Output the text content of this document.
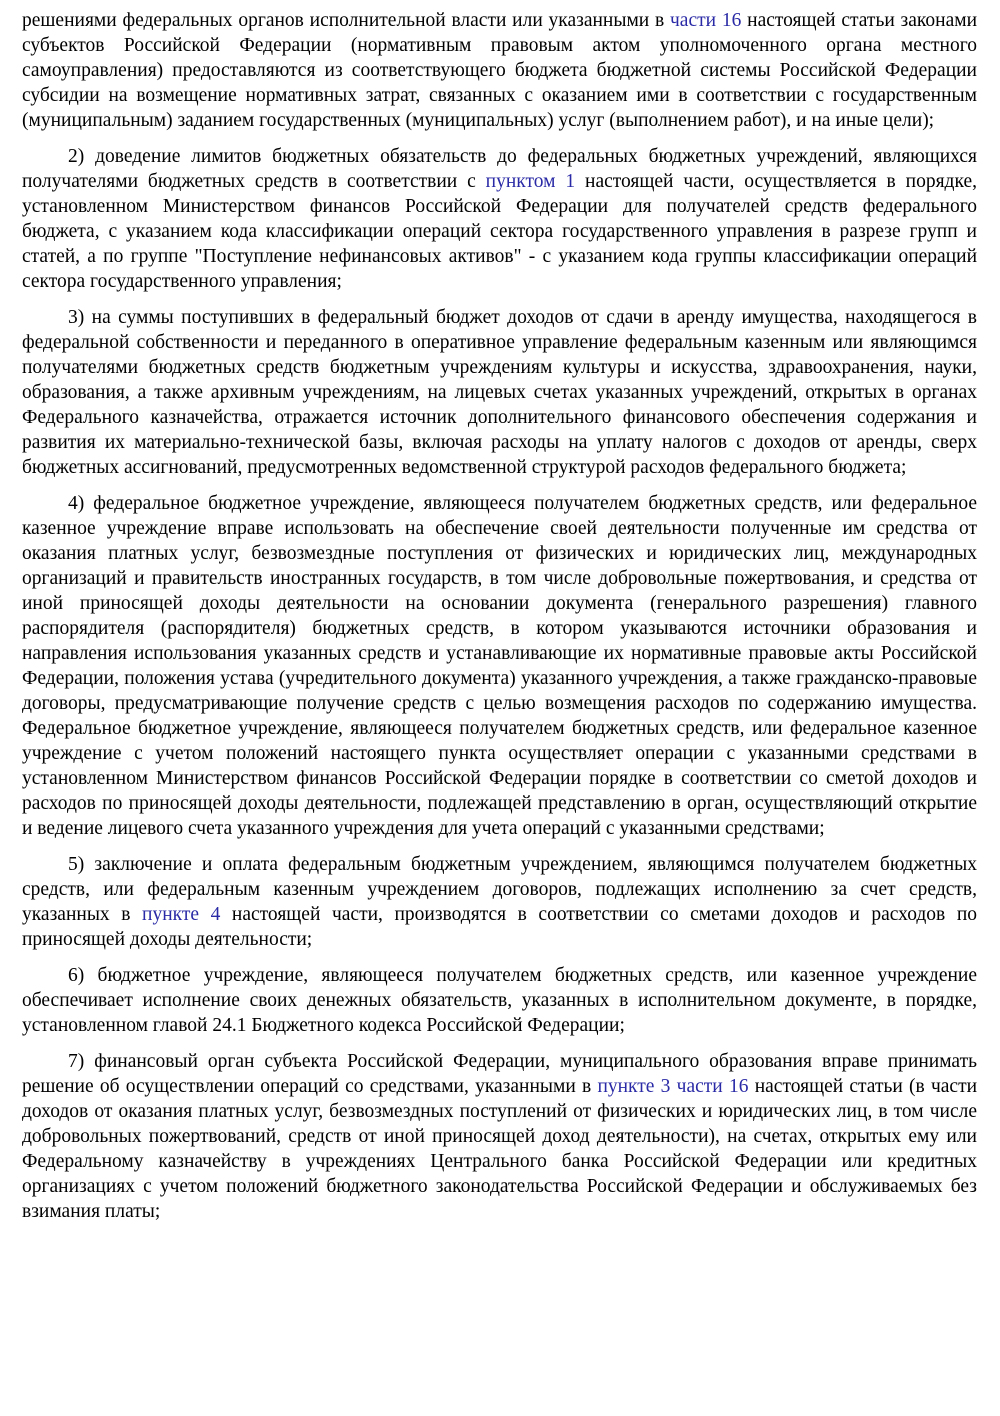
решениями федеральных органов исполнительной власти или указанными в части 16 настоящей статьи законами субъектов Российской Федерации (нормативным правовым актом уполномоченного органа местного самоуправления) предоставляются из соответствующего бюджета бюджетной системы Российской Федерации субсидии на возмещение нормативных затрат, связанных с оказанием ими в соответствии с государственным (муниципальным) заданием государственных (муниципальных) услуг (выполнением работ), и на иные цели);

2) доведение лимитов бюджетных обязательств до федеральных бюджетных учреждений, являющихся получателями бюджетных средств в соответствии с пунктом 1 настоящей части, осуществляется в порядке, установленном Министерством финансов Российской Федерации для получателей средств федерального бюджета, с указанием кода классификации операций сектора государственного управления в разрезе групп и статей, а по группе "Поступление нефинансовых активов" - с указанием кода группы классификации операций сектора государственного управления;

3) на суммы поступивших в федеральный бюджет доходов от сдачи в аренду имущества, находящегося в федеральной собственности и переданного в оперативное управление федеральным казенным или являющимся получателями бюджетных средств бюджетным учреждениям культуры и искусства, здравоохранения, науки, образования, а также архивным учреждениям, на лицевых счетах указанных учреждений, открытых в органах Федерального казначейства, отражается источник дополнительного финансового обеспечения содержания и развития их материально-технической базы, включая расходы на уплату налогов с доходов от аренды, сверх бюджетных ассигнований, предусмотренных ведомственной структурой расходов федерального бюджета;

4) федеральное бюджетное учреждение, являющееся получателем бюджетных средств, или федеральное казенное учреждение вправе использовать на обеспечение своей деятельности полученные им средства от оказания платных услуг, безвозмездные поступления от физических и юридических лиц, международных организаций и правительств иностранных государств, в том числе добровольные пожертвования, и средства от иной приносящей доходы деятельности на основании документа (генерального разрешения) главного распорядителя (распорядителя) бюджетных средств, в котором указываются источники образования и направления использования указанных средств и устанавливающие их нормативные правовые акты Российской Федерации, положения устава (учредительного документа) указанного учреждения, а также гражданско-правовые договоры, предусматривающие получение средств с целью возмещения расходов по содержанию имущества. Федеральное бюджетное учреждение, являющееся получателем бюджетных средств, или федеральное казенное учреждение с учетом положений настоящего пункта осуществляет операции с указанными средствами в установленном Министерством финансов Российской Федерации порядке в соответствии со сметой доходов и расходов по приносящей доходы деятельности, подлежащей представлению в орган, осуществляющий открытие и ведение лицевого счета указанного учреждения для учета операций с указанными средствами;

5) заключение и оплата федеральным бюджетным учреждением, являющимся получателем бюджетных средств, или федеральным казенным учреждением договоров, подлежащих исполнению за счет средств, указанных в пункте 4 настоящей части, производятся в соответствии со сметами доходов и расходов по приносящей доходы деятельности;

6) бюджетное учреждение, являющееся получателем бюджетных средств, или казенное учреждение обеспечивает исполнение своих денежных обязательств, указанных в исполнительном документе, в порядке, установленном главой 24.1 Бюджетного кодекса Российской Федерации;

7) финансовый орган субъекта Российской Федерации, муниципального образования вправе принимать решение об осуществлении операций со средствами, указанными в пункте 3 части 16 настоящей статьи (в части доходов от оказания платных услуг, безвозмездных поступлений от физических и юридических лиц, в том числе добровольных пожертвований, средств от иной приносящей доход деятельности), на счетах, открытых ему или Федеральному казначейству в учреждениях Центрального банка Российской Федерации или кредитных организациях с учетом положений бюджетного законодательства Российской Федерации и обслуживаемых без взимания платы;
